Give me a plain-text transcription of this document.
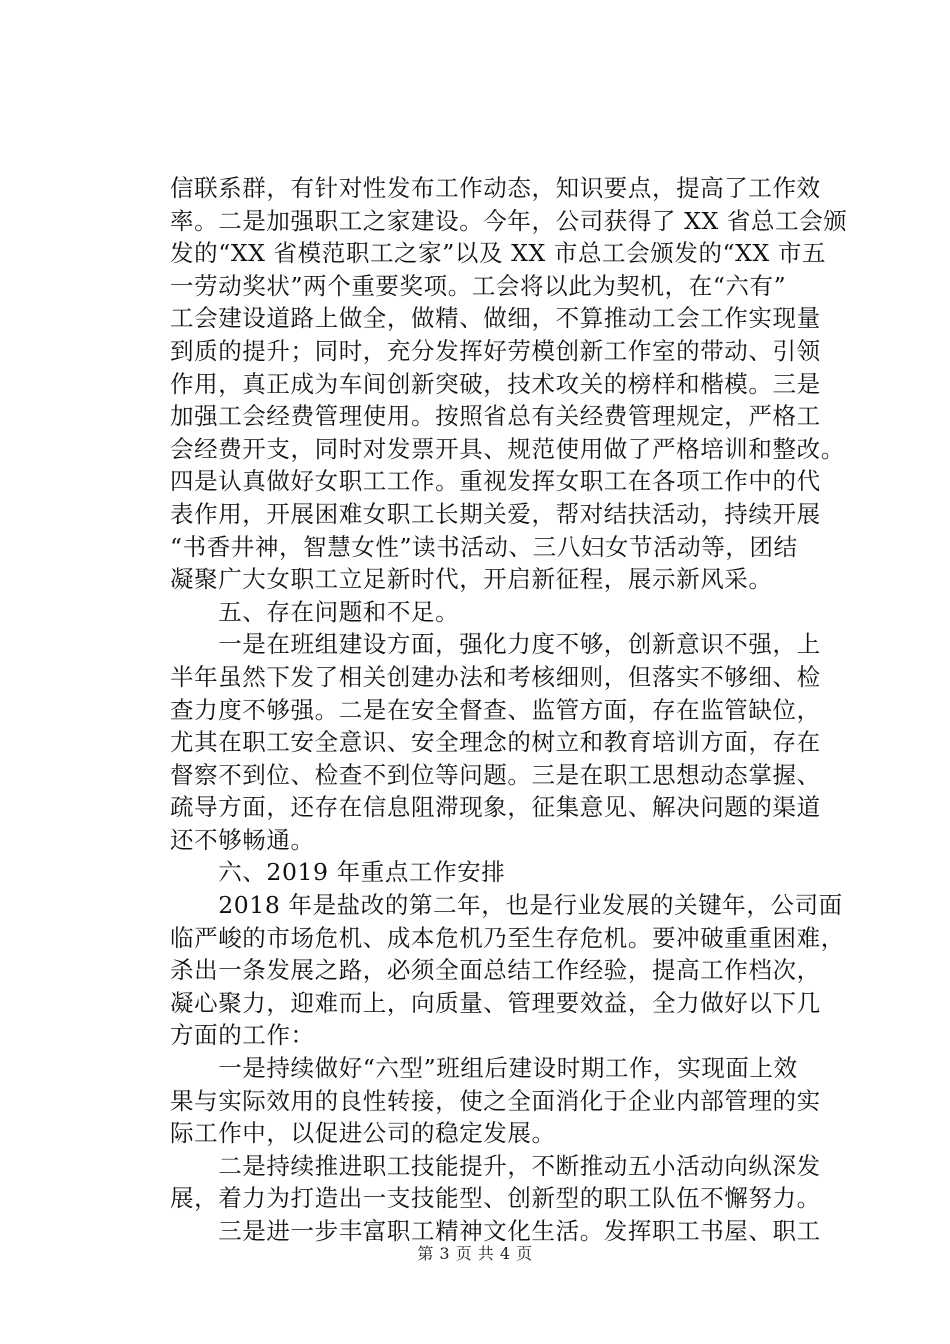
信联系群，有针对性发布工作动态，知识要点，提高了工作效
率。二是加强职工之家建设。今年，公司获得了 XX 省总工会颁
发的“XX 省模范职工之家”以及 XX 市总工会颁发的“XX 市五
一劳动奖状”两个重要奖项。工会将以此为契机，在“六有”
工会建设道路上做全，做精、做细，不算推动工会工作实现量
到质的提升；同时，充分发挥好劳模创新工作室的带动、引领
作用，真正成为车间创新突破，技术攻关的榜样和楷模。三是
加强工会经费管理使用。按照省总有关经费管理规定，严格工
会经费开支，同时对发票开具、规范使用做了严格培训和整改。
四是认真做好女职工工作。重视发挥女职工在各项工作中的代
表作用，开展困难女职工长期关爱，帮对结扶活动，持续开展
“书香井神，智慧女性”读书活动、三八妇女节活动等，团结
凝聚广大女职工立足新时代，开启新征程，展示新风采。
　　五、存在问题和不足。
　　一是在班组建设方面，强化力度不够，创新意识不强，上
半年虽然下发了相关创建办法和考核细则，但落实不够细、检
查力度不够强。二是在安全督查、监管方面，存在监管缺位，
尤其在职工安全意识、安全理念的树立和教育培训方面，存在
督察不到位、检查不到位等问题。三是在职工思想动态掌握、
疏导方面，还存在信息阻滞现象，征集意见、解决问题的渠道
还不够畅通。
　　六、2019 年重点工作安排
　　2018 年是盐改的第二年，也是行业发展的关键年，公司面
临严峻的市场危机、成本危机乃至生存危机。要冲破重重困难，
杀出一条发展之路，必须全面总结工作经验，提高工作档次，
凝心聚力，迎难而上，向质量、管理要效益，全力做好以下几
方面的工作：
　　一是持续做好“六型”班组后建设时期工作，实现面上效
果与实际效用的良性转接，使之全面消化于企业内部管理的实
际工作中，以促进公司的稳定发展。
　　二是持续推进职工技能提升，不断推动五小活动向纵深发
展，着力为打造出一支技能型、创新型的职工队伍不懈努力。
　　三是进一步丰富职工精神文化生活。发挥职工书屋、职工
第 3 页 共 4 页
